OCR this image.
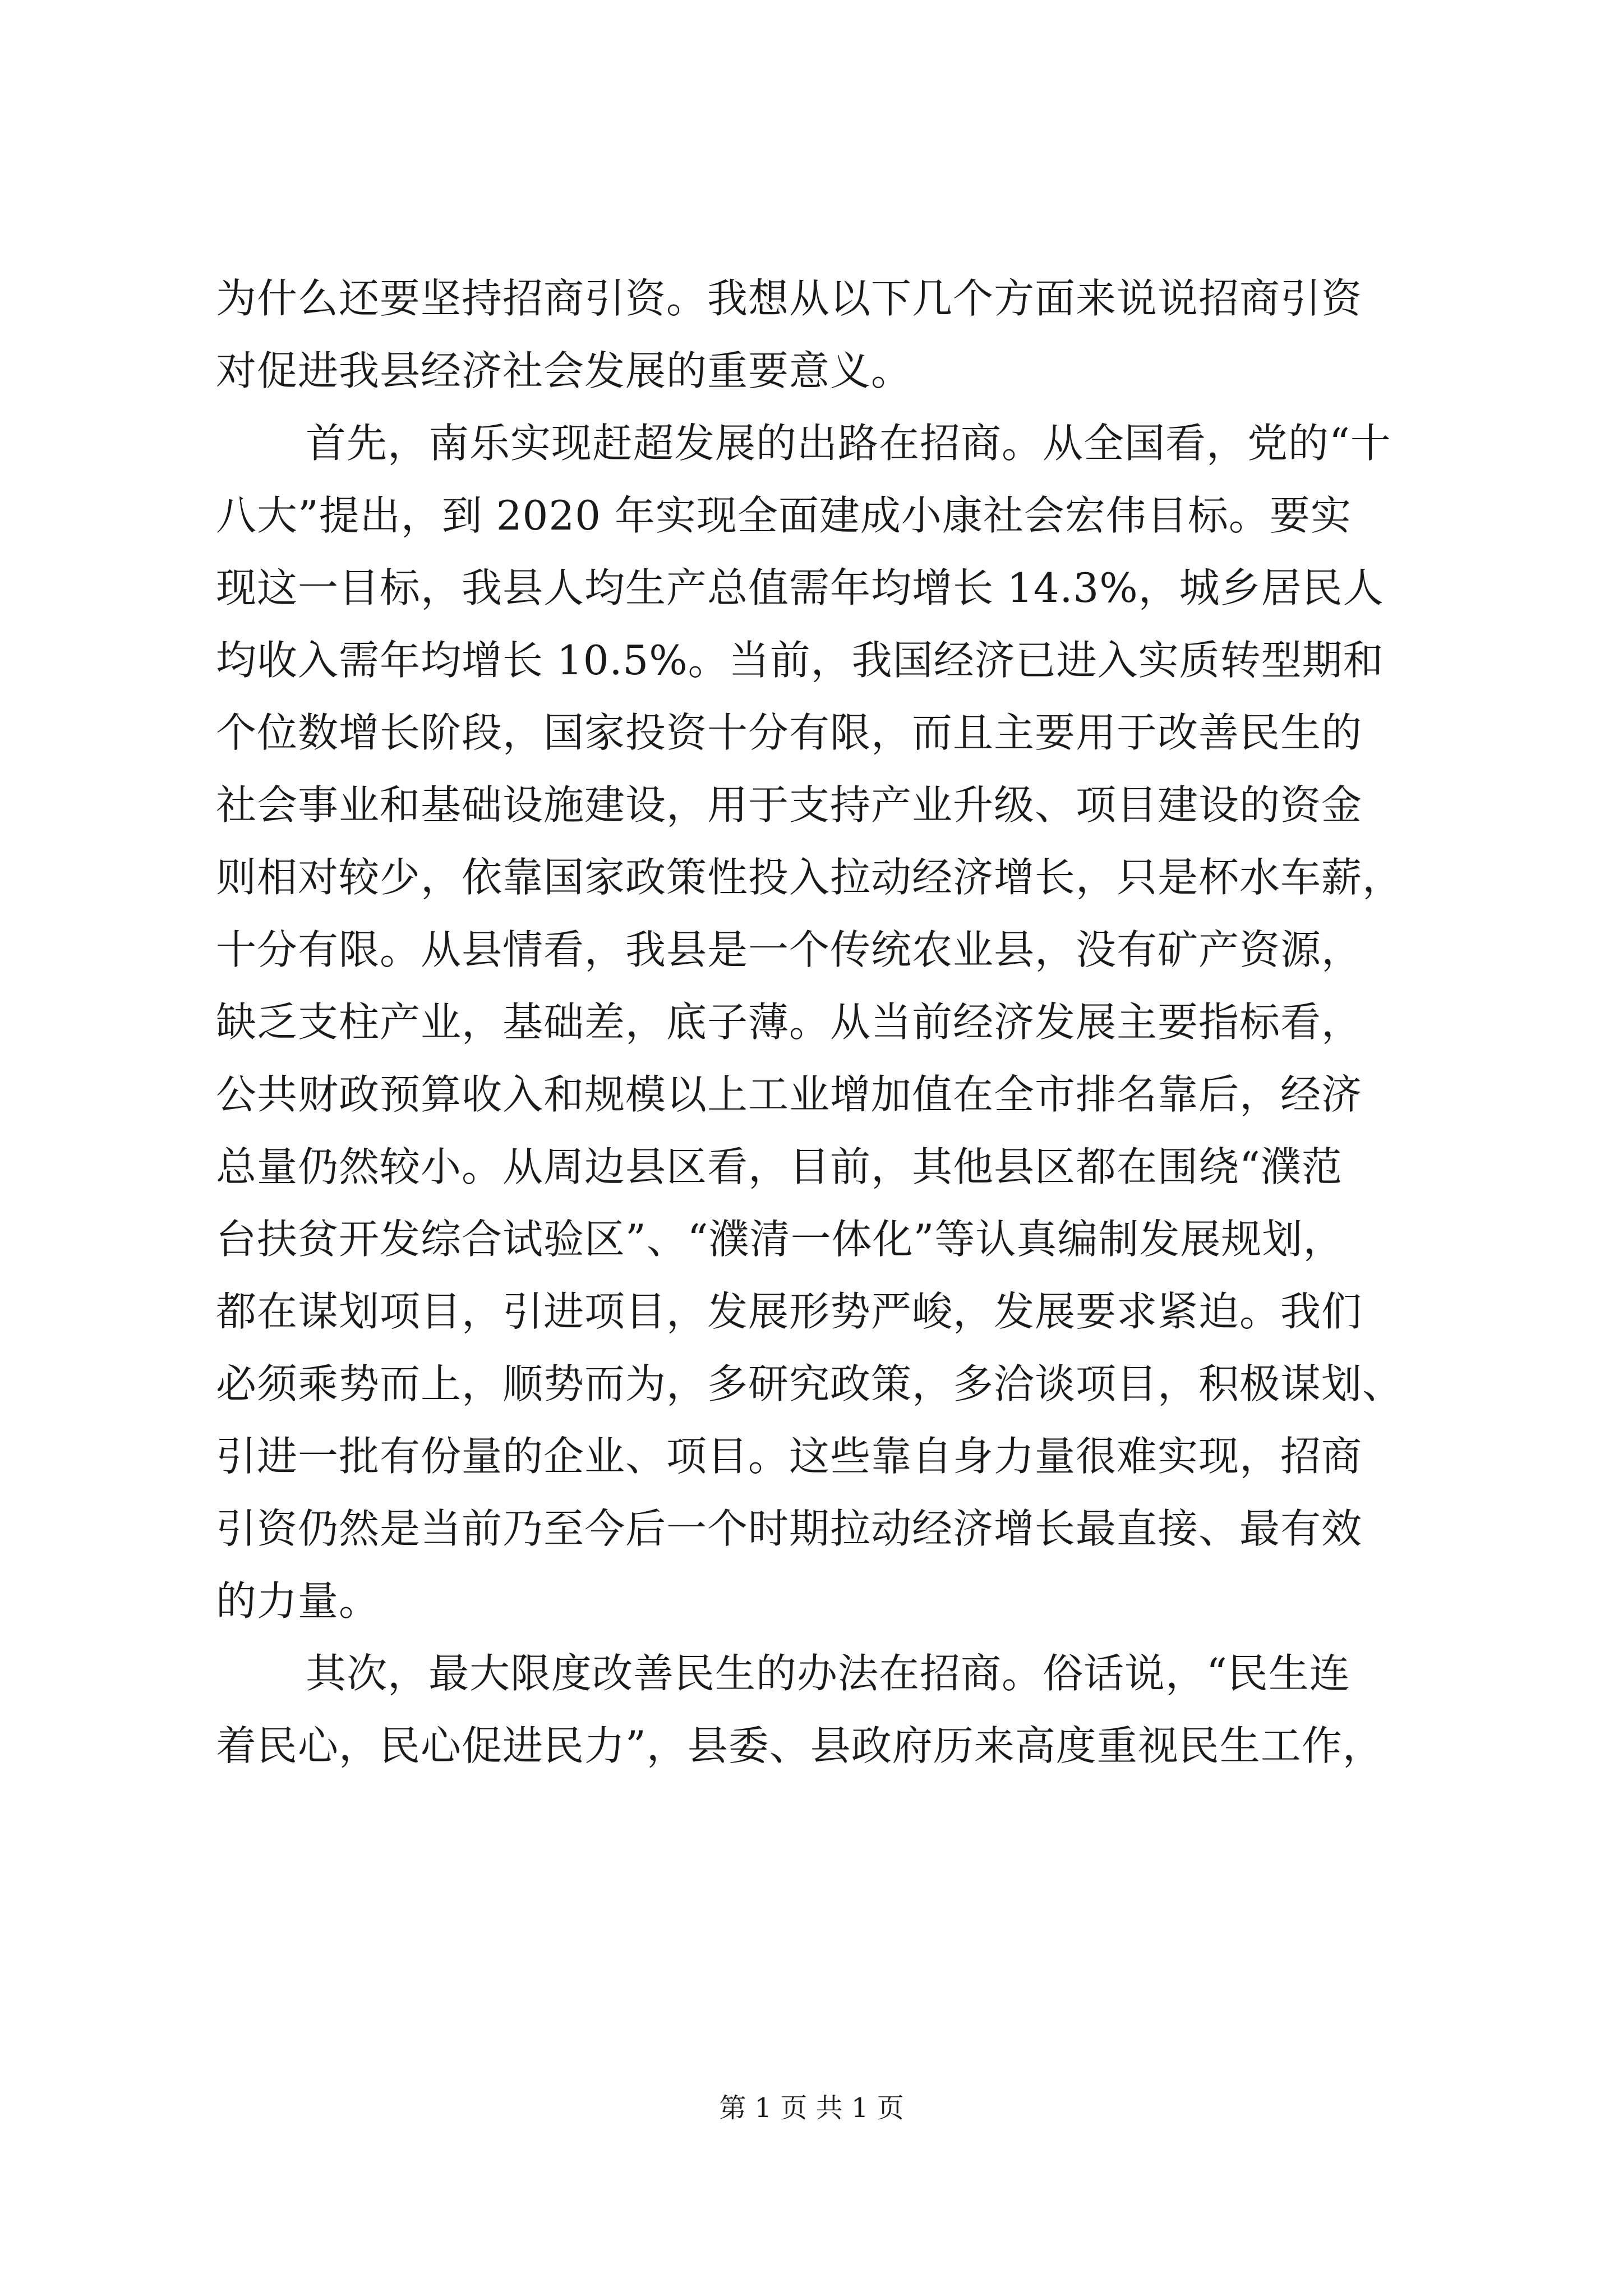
为什么还要坚持招商引资。我想从以下几个方面来说说招商引资
对促进我县经济社会发展的重要意义。
首先，南乐实现赶超发展的出路在招商。从全国看，党的“十
八大”提出，到 2020 年实现全面建成小康社会宏伟目标。要实
现这一目标，我县人均生产总值需年均增长 14.3%，城乡居民人
均收入需年均增长 10.5%。当前，我国经济已进入实质转型期和
个位数增长阶段，国家投资十分有限，而且主要用于改善民生的
社会事业和基础设施建设，用于支持产业升级、项目建设的资金
则相对较少，依靠国家政策性投入拉动经济增长，只是杯水车薪，
十分有限。从县情看，我县是一个传统农业县，没有矿产资源，
缺乏支柱产业，基础差，底子薄。从当前经济发展主要指标看，
公共财政预算收入和规模以上工业增加值在全市排名靠后，经济
总量仍然较小。从周边县区看，目前，其他县区都在围绕“濮范
台扶贫开发综合试验区”、“濮清一体化”等认真编制发展规划，
都在谋划项目，引进项目，发展形势严峻，发展要求紧迫。我们
必须乘势而上，顺势而为，多研究政策，多洽谈项目，积极谋划、
引进一批有份量的企业、项目。这些靠自身力量很难实现，招商
引资仍然是当前乃至今后一个时期拉动经济增长最直接、最有效
的力量。
其次，最大限度改善民生的办法在招商。俗话说，“民生连
着民心，民心促进民力”，县委、县政府历来高度重视民生工作，
第 1 页 共 1 页
